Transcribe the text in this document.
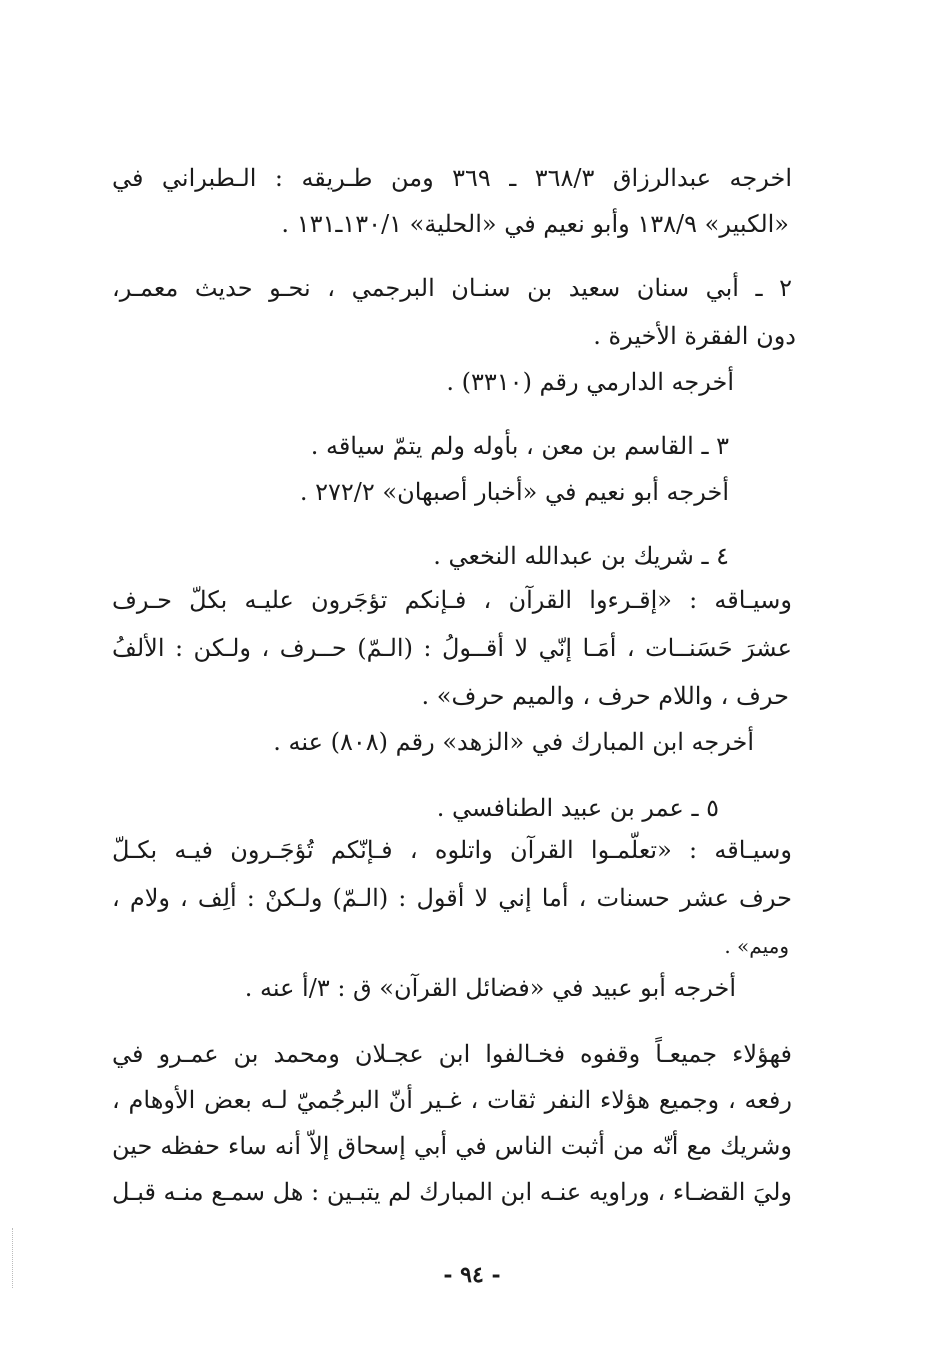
اخرجه عبدالرزاق ٣٦٨/٣ ـ ٣٦٩ ومن طـريقه : الـطبراني في

«الكبير» ١٣٨/٩ وأبو نعيم في «الحلية» ١٣٠/١ـ١٣١ .

٢ ـ أبي سنان سعيد بن سنـان البرجمي ، نحـو حديث معمـر،

دون الفقرة الأخيرة .

أخرجه الدارمي رقم (٣٣١٠) .

٣ ـ القاسم بن معن ، بأوله ولم يتمّ سياقه .

أخرجه أبو نعيم في «أخبار أصبهان» ٢٧٢/٢ .

٤ ـ شريك بن عبدالله النخعي .

وسيـاقه : «إقـرءوا القرآن ، فـإنكم تؤجَرون عليـه بكلّ حـرف

عشرَ حَسَنــات ، أمَـا إنّي لا أقــولُ : (الـمّ) حــرف ، ولـكن : الألفُ

حرف ، واللام حرف ، والميم حرف» .

أخرجه ابن المبارك في «الزهد» رقم (٨٠٨) عنه .

٥ ـ عمر بن عبيد الطنافسي .

وسيـاقه : «تعلّمـوا القرآن واتلوه ، فـإنّكم تُؤجَـرون فيـه بكـلّ

حرف عشر حسنات ، أما إني لا أقول : (الـمّ) ولـكنْ : ألِف ، ولام ،

وميم» .

أخرجه أبو عبيد في «فضائل القرآن» ق : ٣/أ عنه .

فهؤلاء جميعـاً وقفوه فخـالفوا ابن عجـلان ومحمد بن عمـرو في

رفعه ، وجميع هؤلاء النفر ثقات ، غـير أنّ البرجُميّ لـه بعض الأوهام ،

وشريك مع أنّه من أثبت الناس في أبي إسحاق إلاّ أنه ساء حفظه حين

وليَ القضـاء ، وراويه عنـه ابن المبارك لم يتبـين : هل سمـع منـه قبـل

- ٩٤ -
